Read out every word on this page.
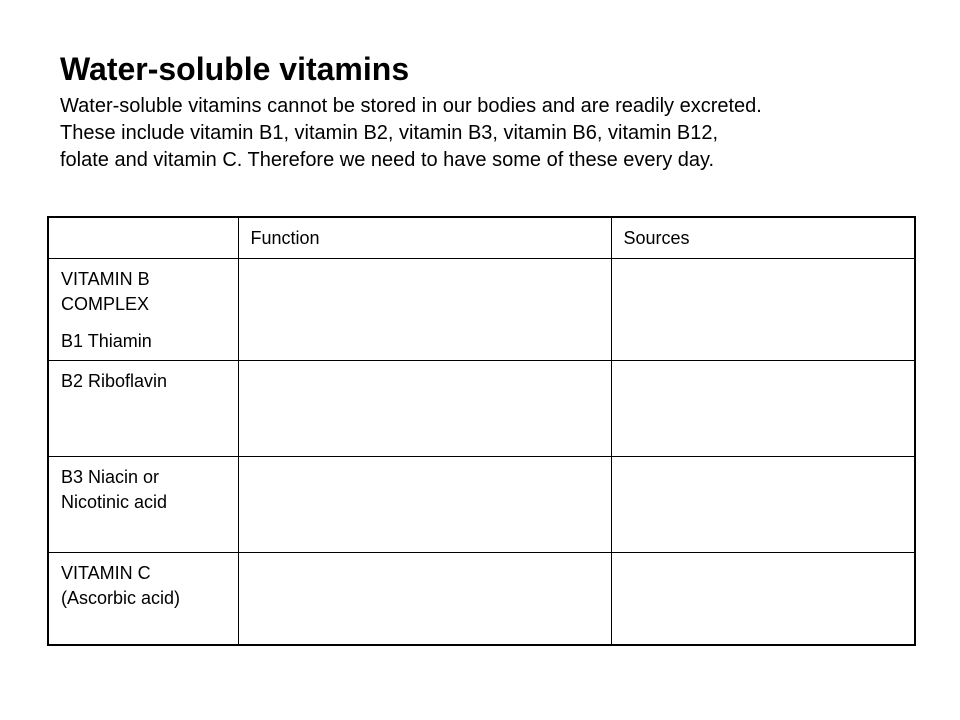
Water-soluble vitamins
Water-soluble vitamins cannot be stored in our bodies and are readily excreted.
These include vitamin B1, vitamin B2, vitamin B3, vitamin B6, vitamin B12,
folate and vitamin C. Therefore we need to have some of these every day.
	Function	Sources

VITAMIN B
COMPLEX
B1 Thiamin		

B2 Riboflavin		

B3 Niacin or
Nicotinic acid		

VITAMIN C
(Ascorbic acid)		
